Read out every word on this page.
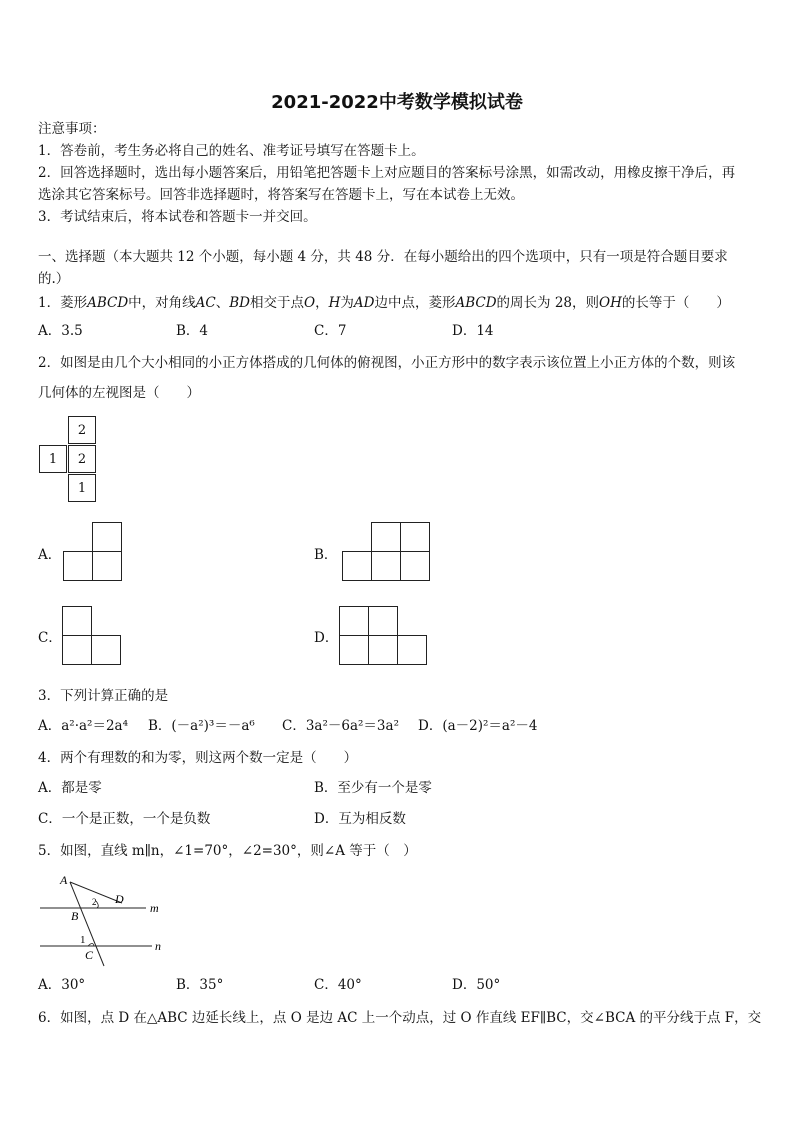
2021-2022中考数学模拟试卷
注意事项：
1．答卷前，考生务必将自己的姓名、准考证号填写在答题卡上。
2．回答选择题时，选出每小题答案后，用铅笔把答题卡上对应题目的答案标号涂黑，如需改动，用橡皮擦干净后，再
选涂其它答案标号。回答非选择题时，将答案写在答题卡上，写在本试卷上无效。
3．考试结束后，将本试卷和答题卡一并交回。
一、选择题（本大题共 12 个小题，每小题 4 分，共 48 分．在每小题给出的四个选项中，只有一项是符合题目要求
的.）
1．菱形ABCD中，对角线AC、BD相交于点O，H为AD边中点，菱形ABCD的周长为 28，则OH的长等于（　　）
A．3.5	B．4	C．7	D．14
2．如图是由几个大小相同的小正方体搭成的几何体的俯视图，小正方形中的数字表示该位置上小正方体的个数，则该
几何体的左视图是（　　）
2
1	2
1
A．	B．
C．	D．
3．下列计算正确的是
A．a²·a²＝2a⁴ B．(－a²)³＝－a⁶ C．3a²－6a²＝3a² D．(a－2)²＝a²－4
4．两个有理数的和为零，则这两个数一定是（　　）
A．都是零	B．至少有一个是零
C．一个是正数，一个是负数	D．互为相反数
5．如图，直线 m∥n，∠1=70°，∠2=30°，则∠A 等于（　）
A
D
B
C
m
n
1
2
A．30°	B．35°	C．40°	D．50°
6．如图，点 D 在△ABC 边延长线上，点 O 是边 AC 上一个动点，过 O 作直线 EF∥BC，交∠BCA 的平分线于点 F，交
